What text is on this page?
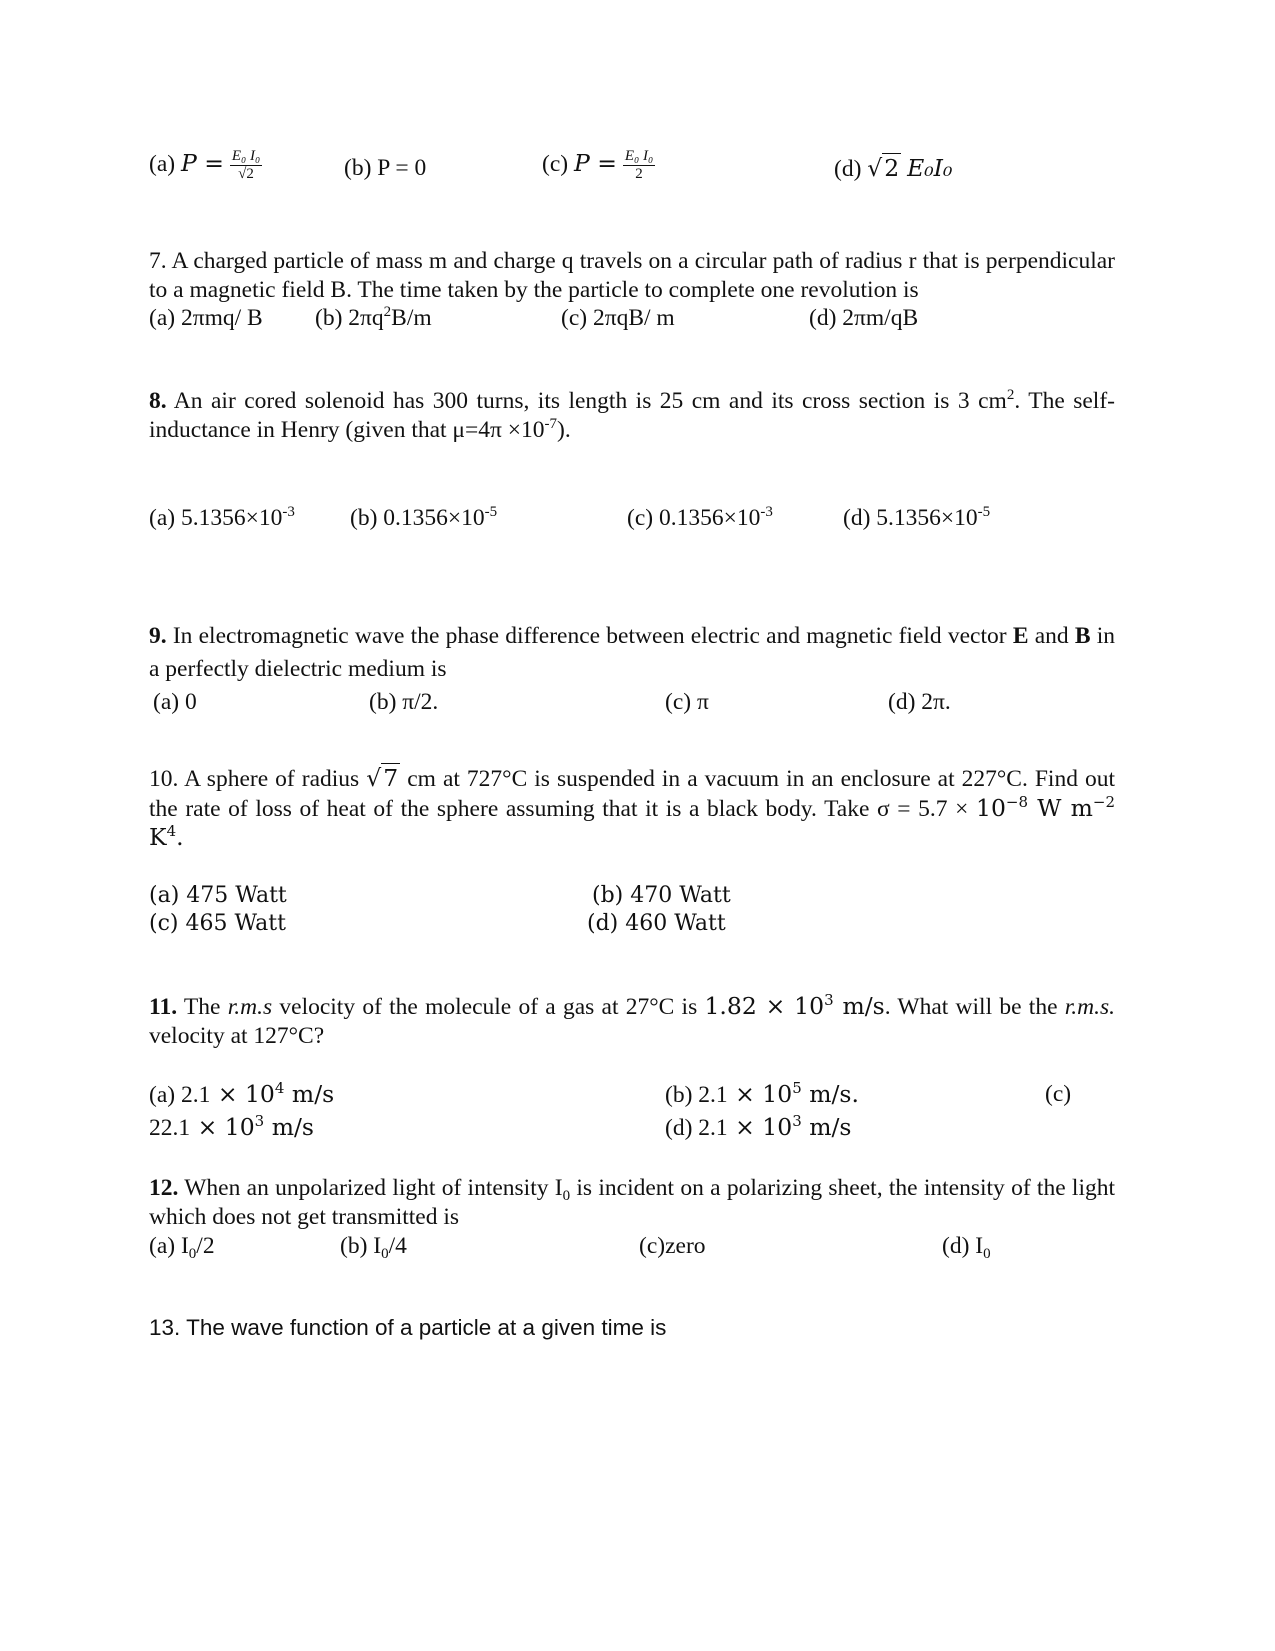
(a) $P = \frac{\text{E₀ I₀}}{√2}$	(b) P = 0	(c) $P = \frac{\text{E₀ I₀}}{2}$	(d) √2 E₀I₀
7. A charged particle of mass m and charge q travels on a circular path of radius r that is perpendicular to a magnetic field B. The time taken by the particle to complete one revolution is
(a) 2πmq/ B (b) $2\pi q^2B/m$	(c) 2πqB/ m	(d) 2πm/qB
8. An air cored solenoid has 300 turns, its length is 25 cm and its cross section is 3 $cm^2$. The self-inductance in Henry (given that $\mu=4\pi \times 10^{-7}$).
(a) $5.1356\times 10^{-3}$ (b) $0.1356\times 10^{-5}$	(c) $0.1356\times 10^{-3}$	(d) $5.1356\times 10^{-5}$
9. In electromagnetic wave the phase difference between electric and magnetic field vector E and B in a perfectly dielectric medium is
(a) 0	(b) π/2.	(c) π	(d) 2π.
10. A sphere of radius √7 cm at 727°C is suspended in a vacuum in an enclosure at 227°C. Find out the rate of loss of heat of the sphere assuming that it is a black body. Take $\sigma = 5.7 \times 10^{-8}$ W $m^{-2}$ $K^4$.
(a) 475 Watt	(b) 470 Watt
(c) 465 Watt	(d) 460 Watt
11. The r.m.s velocity of the molecule of a gas at 27°C is $1.82 \times 10^3$ m/s. What will be the r.m.s. velocity at 127°C?
(a) $2.1 \times 10^4$ m/s	(b) $2.1 \times 10^5$ m/s.	(c)
$22.1 \times 10^3$ m/s	(d) $2.1 \times 10^3$ m/s
12. When an unpolarized light of intensity $I_0$ is incident on a polarizing sheet, the intensity of the light which does not get transmitted is
(a) $I_0/2$	(b) $I_0/4$	(c)zero	(d) $I_0$
13. The wave function of a particle at a given time is
